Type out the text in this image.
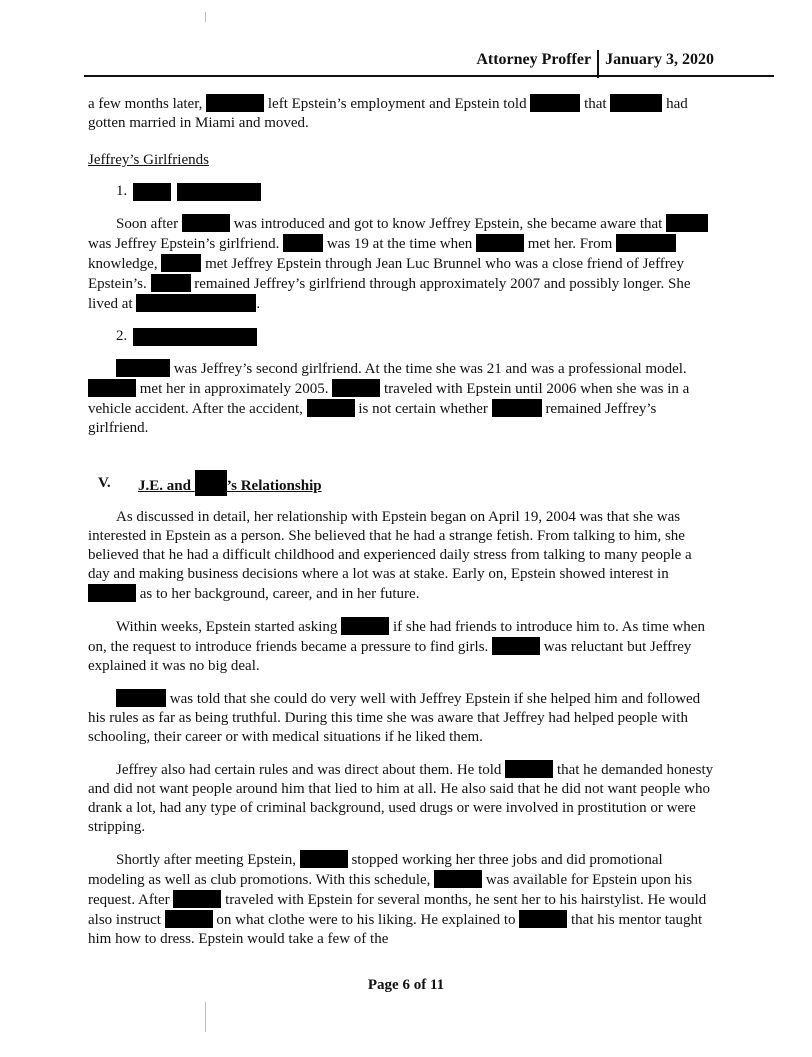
Attorney Proffer January 3, 2020

a few months later,	left Epstein’s employment and Epstein told	that	had gotten married in Miami and moved.

Jeffrey’s Girlfriends

1.

Soon after	was introduced and got to know Jeffrey Epstein, she became aware that  was Jeffrey Epstein’s girlfriend.	was 19 at the time when	met her. From  knowledge,	met Jeffrey Epstein through Jean Luc Brunnel who was a close friend of Jeffrey Epstein’s.	remained Jeffrey’s girlfriend through approximately 2007 and possibly longer. She lived at	.

2.

was Jeffrey’s second girlfriend. At the time she was 21 and was a professional model.  met her in approximately 2005.	traveled with Epstein until 2006 when she was in a vehicle accident. After the accident,	is not certain whether	remained Jeffrey’s girlfriend.

V.	J.E. and ’s Relationship

As discussed in detail, her relationship with Epstein began on April 19, 2004 was that she was interested in Epstein as a person. She believed that he had a strange fetish. From talking to him, she believed that he had a difficult childhood and experienced daily stress from talking to many people a day and making business decisions where a lot was at stake. Early on, Epstein showed interest in  as to her background, career, and in her future.

Within weeks, Epstein started asking	if she had friends to introduce him to. As time when on, the request to introduce friends became a pressure to find girls.	was reluctant but Jeffrey explained it was no big deal.

was told that she could do very well with Jeffrey Epstein if she helped him and followed his rules as far as being truthful. During this time she was aware that Jeffrey had helped people with schooling, their career or with medical situations if he liked them.

Jeffrey also had certain rules and was direct about them. He told	that he demanded honesty and did not want people around him that lied to him at all. He also said that he did not want people who drank a lot, had any type of criminal background, used drugs or were involved in prostitution or were stripping.

Shortly after meeting Epstein,	stopped working her three jobs and did promotional modeling as well as club promotions. With this schedule,	was available for Epstein upon his request. After	traveled with Epstein for several months, he sent her to his hairstylist. He would also instruct	on what clothe were to his liking. He explained to	that his mentor taught him how to dress. Epstein would take a few of the

Page 6 of 11
